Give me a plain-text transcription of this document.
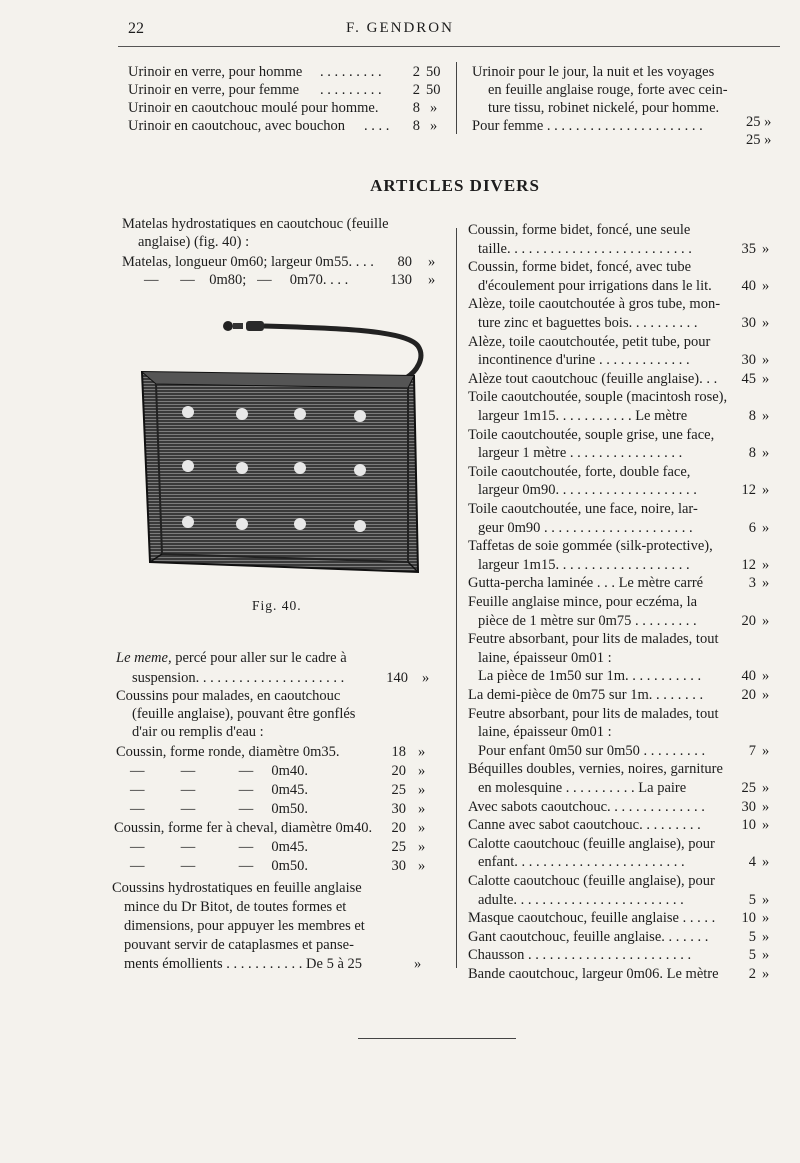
22	F. GENDRON
Urinoir en verre, pour homme . . . . . . . . .	2 50
Urinoir en verre, pour femme . . . . . . . . .	2 50
Urinoir en caoutchouc moulé pour homme.	8 »
Urinoir en caoutchouc, avec bouchon . . . .	8 »
Urinoir pour le jour, la nuit et les voyages
en feuille anglaise rouge, forte avec cein-
ture tissu, robinet nickelé, pour homme.
Pour femme . . . . . . . . . . . . . . . . . . . . . .	25 »
25 »
ARTICLES DIVERS
Matelas hydrostatiques en caoutchouc (feuille
anglaise) (fig. 40) :
Matelas, longueur 0m60; largeur 0m55. . . .	80 »
—      —    0m80;   —     0m70. . . .	130 »
Fig. 40.
Le meme, percé pour aller sur le cadre à
suspension. . . . . . . . . . . . . . . . . . . . .	140 »
Coussins pour malades, en caoutchouc
(feuille anglaise), pouvant être gonflés
d'air ou remplis d'eau :
Coussin, forme ronde, diamètre 0m35.	18 »
—          —            —     0m40.	20 »
—          —            —     0m45.	25 »
—          —            —     0m50.	30 »
Coussin, forme fer à cheval, diamètre 0m40.	20 »
—          —            —     0m45.	25 »
—          —            —     0m50.	30 »
Coussins hydrostatiques en feuille anglaise
mince du Dr Bitot, de toutes formes et
dimensions, pour appuyer les membres et
pouvant servir de cataplasmes et panse-
ments émollients . . . . . . . . . . . De 5 à 25	»
Coussin, forme bidet, foncé, une seule
taille. . . . . . . . . . . . . . . . . . . . . . . . . .	35 »
Coussin, forme bidet, foncé, avec tube
d'écoulement pour irrigations dans le lit.	40 »
Alèze, toile caoutchoutée à gros tube, mon-
ture zinc et baguettes bois. . . . . . . . . .	30 »
Alèze, toile caoutchoutée, petit tube, pour
incontinence d'urine . . . . . . . . . . . . .	30 »
Alèze tout caoutchouc (feuille anglaise). . .	45 »
Toile caoutchoutée, souple (macintosh rose),
largeur 1m15. . . . . . . . . . . Le mètre	8 »
Toile caoutchoutée, souple grise, une face,
largeur 1 mètre . . . . . . . . . . . . . . . .	8 »
Toile caoutchoutée, forte, double face,
largeur 0m90. . . . . . . . . . . . . . . . . . . .	12 »
Toile caoutchoutée, une face, noire, lar-
geur 0m90 . . . . . . . . . . . . . . . . . . . . .	6 »
Taffetas de soie gommée (silk-protective),
largeur 1m15. . . . . . . . . . . . . . . . . . .	12 »
Gutta-percha laminée . . . Le mètre carré	3 »
Feuille anglaise mince, pour eczéma, la
pièce de 1 mètre sur 0m75 . . . . . . . . .	20 »
Feutre absorbant, pour lits de malades, tout
laine, épaisseur 0m01 :
La pièce de 1m50 sur 1m. . . . . . . . . . .	40 »
La demi-pièce de 0m75 sur 1m. . . . . . . .	20 »
Feutre absorbant, pour lits de malades, tout
laine, épaisseur 0m01 :
Pour enfant 0m50 sur 0m50 . . . . . . . . .	7 »
Béquilles doubles, vernies, noires, garniture
en molesquine . . . . . . . . . . La paire	25 »
Avec sabots caoutchouc. . . . . . . . . . . . . .	30 »
Canne avec sabot caoutchouc. . . . . . . . .	10 »
Calotte caoutchouc (feuille anglaise), pour
enfant. . . . . . . . . . . . . . . . . . . . . . . .	4 »
Calotte caoutchouc (feuille anglaise), pour
adulte. . . . . . . . . . . . . . . . . . . . . . . .	5 »
Masque caoutchouc, feuille anglaise . . . . .	10 »
Gant caoutchouc, feuille anglaise. . . . . . .	5 »
Chausson . . . . . . . . . . . . . . . . . . . . . . .	5 »
Bande caoutchouc, largeur 0m06. Le mètre	2 »
